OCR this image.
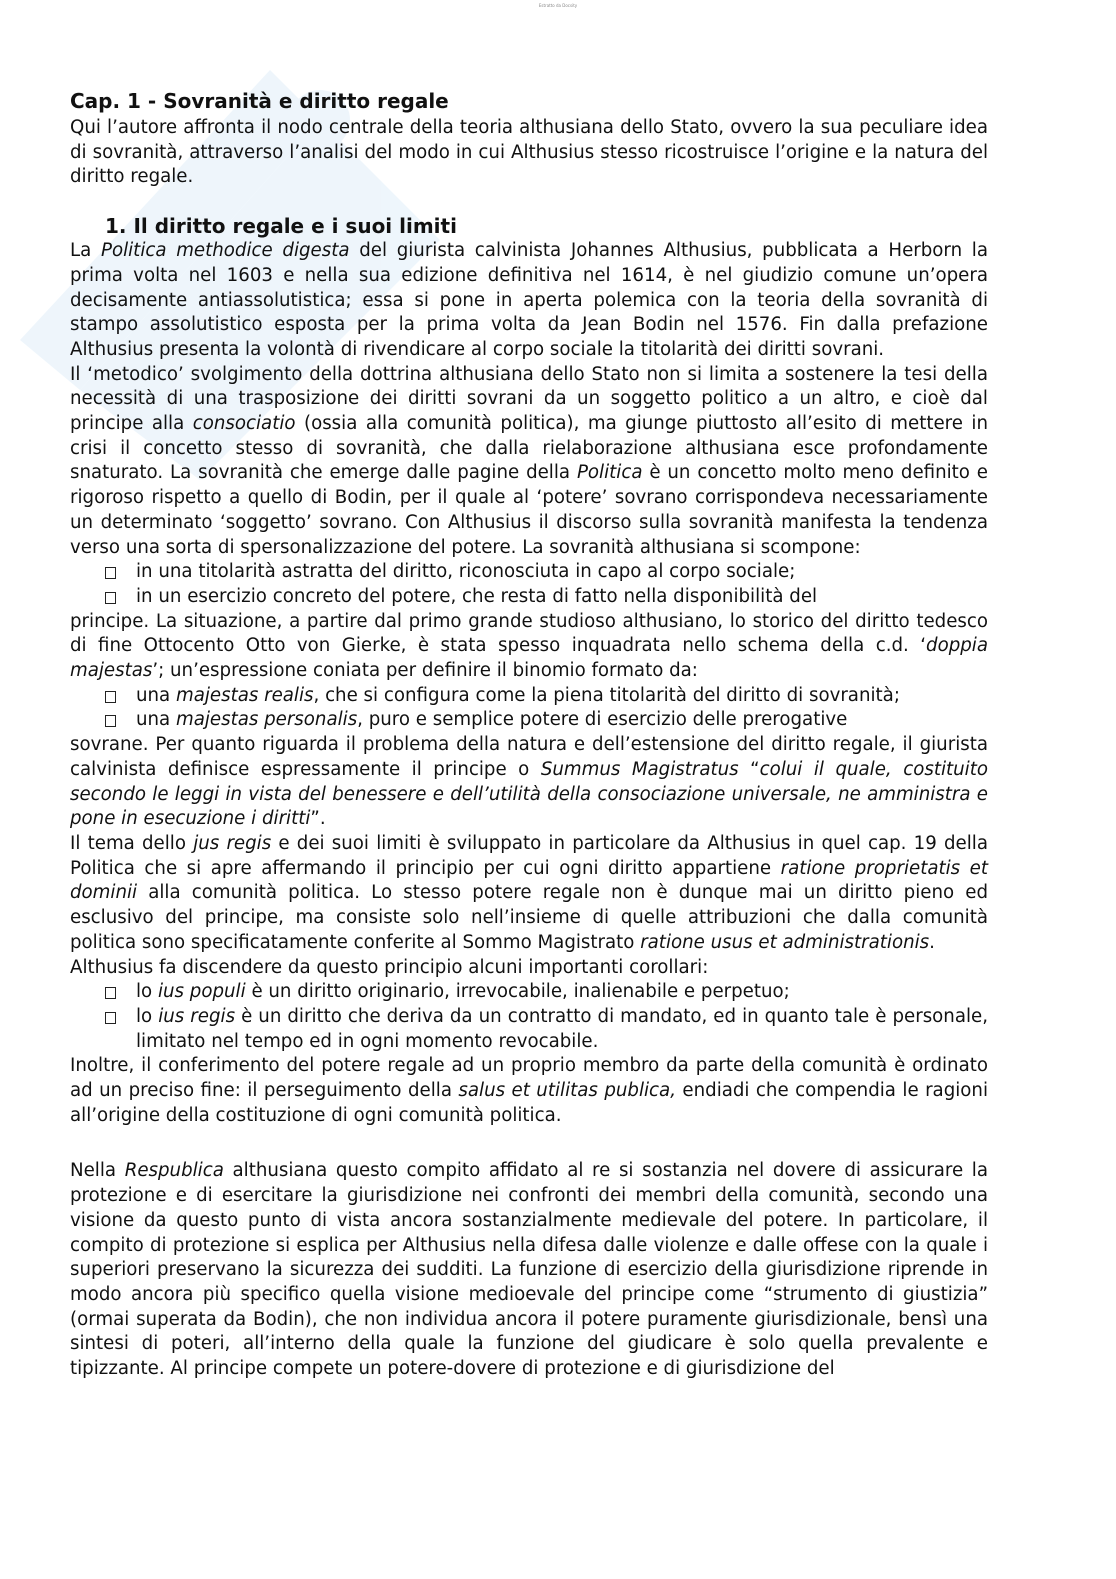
Estratto da Docsity
Cap. 1 - Sovranità e diritto regale

Qui l’autore affronta il nodo centrale della teoria althusiana dello Stato, ovvero la sua peculiare idea di sovranità, attraverso l’analisi del modo in cui Althusius stesso ricostruisce l’origine e la natura del diritto regale.

1. Il diritto regale e i suoi limiti

La Politica methodice digesta del giurista calvinista Johannes Althusius, pubblicata a Herborn la prima volta nel 1603 e nella sua edizione definitiva nel 1614, è nel giudizio comune un’opera decisamente antiassolutistica; essa si pone in aperta polemica con la teoria della sovranità di stampo assolutistico esposta per la prima volta da Jean Bodin nel 1576. Fin dalla prefazione Althusius presenta la volontà di rivendicare al corpo sociale la titolarità dei diritti sovrani.

Il ‘metodico’ svolgimento della dottrina althusiana dello Stato non si limita a sostenere la tesi della necessità di una trasposizione dei diritti sovrani da un soggetto politico a un altro, e cioè dal principe alla consociatio (ossia alla comunità politica), ma giunge piuttosto all’esito di mettere in crisi il concetto stesso di sovranità, che dalla rielaborazione althusiana esce profondamente snaturato. La sovranità che emerge dalle pagine della Politica è un concetto molto meno definito e rigoroso rispetto a quello di Bodin, per il quale al ‘potere’ sovrano corrispondeva necessariamente un determinato ‘soggetto’ sovrano. Con Althusius il discorso sulla sovranità manifesta la tendenza verso una sorta di spersonalizzazione del potere. La sovranità althusiana si scompone:

in una titolarità astratta del diritto, riconosciuta in capo al corpo sociale;
in un esercizio concreto del potere, che resta di fatto nella disponibilità del

principe. La situazione, a partire dal primo grande studioso althusiano, lo storico del diritto tedesco di fine Ottocento Otto von Gierke, è stata spesso inquadrata nello schema della c.d. ‘doppia majestas’; un’espressione coniata per definire il binomio formato da:

una majestas realis, che si configura come la piena titolarità del diritto di sovranità;
una majestas personalis, puro e semplice potere di esercizio delle prerogative

sovrane. Per quanto riguarda il problema della natura e dell’estensione del diritto regale, il giurista calvinista definisce espressamente il principe o Summus Magistratus “colui il quale, costituito secondo le leggi in vista del benessere e dell’utilità della consociazione universale, ne amministra e pone in esecuzione i diritti”.

Il tema dello jus regis e dei suoi limiti è sviluppato in particolare da Althusius in quel cap. 19 della Politica che si apre affermando il principio per cui ogni diritto appartiene ratione proprietatis et dominii alla comunità politica. Lo stesso potere regale non è dunque mai un diritto pieno ed esclusivo del principe, ma consiste solo nell’insieme di quelle attribuzioni che dalla comunità politica sono specificatamente conferite al Sommo Magistrato ratione usus et administrationis.

Althusius fa discendere da questo principio alcuni importanti corollari:

lo ius populi è un diritto originario, irrevocabile, inalienabile e perpetuo;
lo ius regis è un diritto che deriva da un contratto di mandato, ed in quanto tale è personale, limitato nel tempo ed in ogni momento revocabile.

Inoltre, il conferimento del potere regale ad un proprio membro da parte della comunità è ordinato ad un preciso fine: il perseguimento della salus et utilitas publica, endiadi che compendia le ragioni all’origine della costituzione di ogni comunità politica.

Nella Respublica althusiana questo compito affidato al re si sostanzia nel dovere di assicurare la protezione e di esercitare la giurisdizione nei confronti dei membri della comunità, secondo una visione da questo punto di vista ancora sostanzialmente medievale del potere. In particolare, il compito di protezione si esplica per Althusius nella difesa dalle violenze e dalle offese con la quale i superiori preservano la sicurezza dei sudditi. La funzione di esercizio della giurisdizione riprende in modo ancora più specifico quella visione medioevale del principe come “strumento di giustizia” (ormai superata da Bodin), che non individua ancora il potere puramente giurisdizionale, bensì una sintesi di poteri, all’interno della quale la funzione del giudicare è solo quella prevalente e tipizzante. Al principe compete un potere-dovere di protezione e di giurisdizione del
